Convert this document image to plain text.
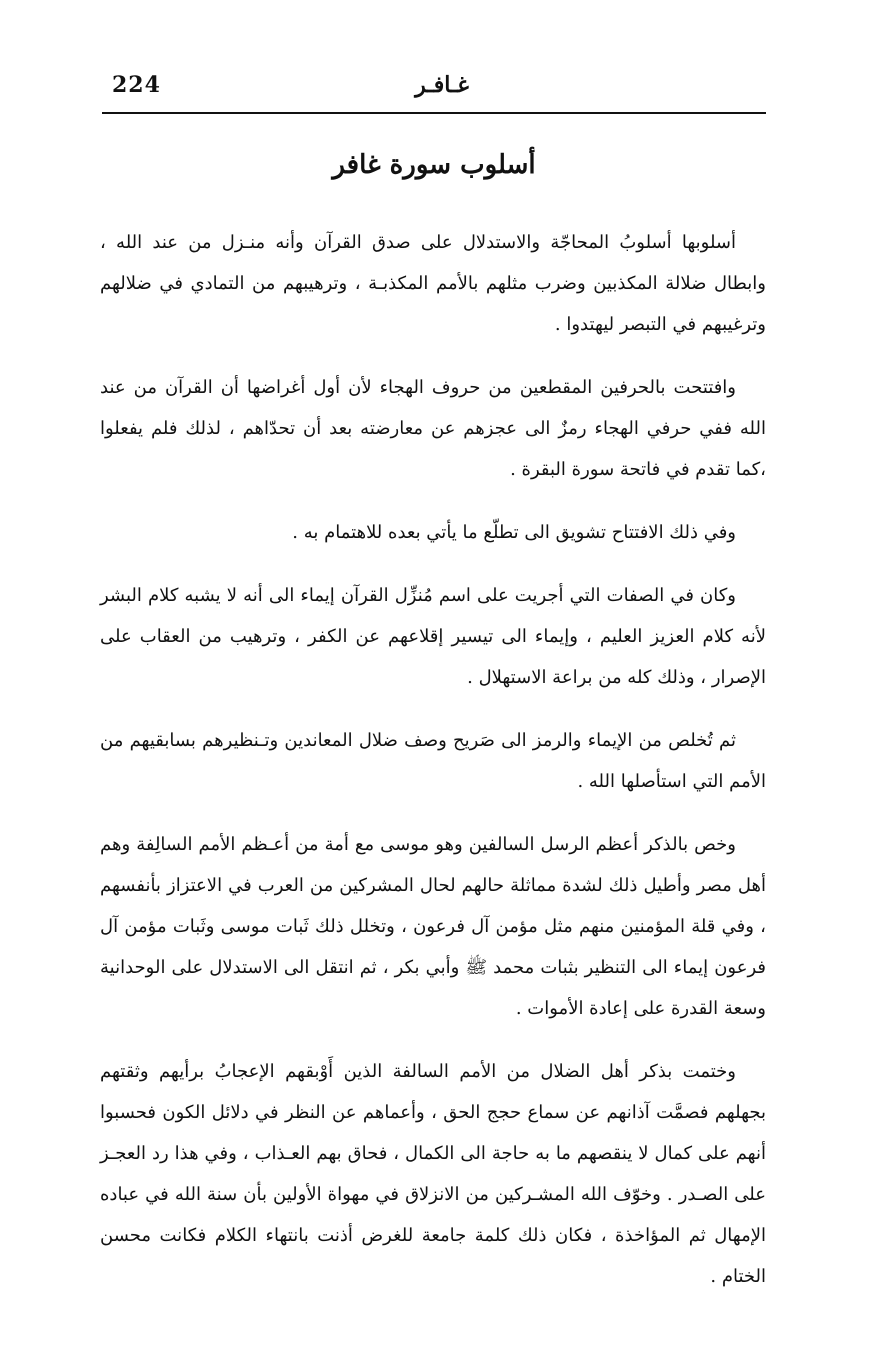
224	غـافـر
أسلوب سورة غافر

أسلوبها أسلوبُ المحاجّة والاستدلال على صدق القرآن وأنه منـزل من عند الله ، وابطال ضلالة المكذبين وضرب مثلهم بالأمم المكذبـة ، وترهيبهم من التمادي في ضلالهم وترغيبهم في التبصر ليهتدوا .

وافتتحت بالحرفين المقطعين من حروف الهجاء لأن أول أغراضها أن القرآن من عند الله ففي حرفي الهجاء رمزٌ الى عجزهم عن معارضته بعد أن تحدّاهم ، لذلك فلم يفعلوا ،كما تقدم في فاتحة سورة البقرة .

وفي ذلك الافتتاح تشويق الى تطلّع ما يأتي بعده للاهتمام به .

وكان في الصفات التي أجريت على اسم مُنزِّل القرآن إيماء الى أنه لا يشبه كلام البشر لأنه كلام العزيز العليم ، وإيماء الى تيسير إقلاعهم عن الكفر ، وترهيب من العقاب على الإصرار ، وذلك كله من براعة الاستهلال .

ثم تُخلص من الإيماء والرمز الى صَريح وصف ضلال المعاندين وتـنظيرهم بسابقيهم من الأمم التي استأصلها الله .

وخص بالذكر أعظم الرسل السالفين وهو موسى مع أمة من أعـظم الأمم السالِفة وهم أهل مصر وأطيل ذلك لشدة مماثلة حالهم لحال المشركين من العرب في الاعتزاز بأنفسهم ، وفي قلة المؤمنين منهم مثل مؤمن آل فرعون ، وتخلل ذلك ثَبات موسى وثَبات مؤمن آل فرعون إيماء الى التنظير بثبات محمد ﷺ وأبي بكر ، ثم انتقل الى الاستدلال على الوحدانية وسعة القدرة على إعادة الأموات .

وختمت بذكر أهل الضلال من الأمم السالفة الذين أَوْبقهم الإعجابُ برأيهم وثقتهم بجهلهم فصمَّت آذانهم عن سماع حجج الحق ، وأعماهم عن النظر في دلائل الكون فحسبوا أنهم على كمال لا ينقصهم ما به حاجة الى الكمال ، فحاق بهم العـذاب ، وفي هذا رد العجـز على الصـدر . وخوّف الله المشـركين من الانزلاق في مهواة الأولين بأن سنة الله في عباده الإمهال ثم المؤاخذة ، فكان ذلك كلمة جامعة للغرض أذنت بانتهاء الكلام فكانت محسن الختام .
